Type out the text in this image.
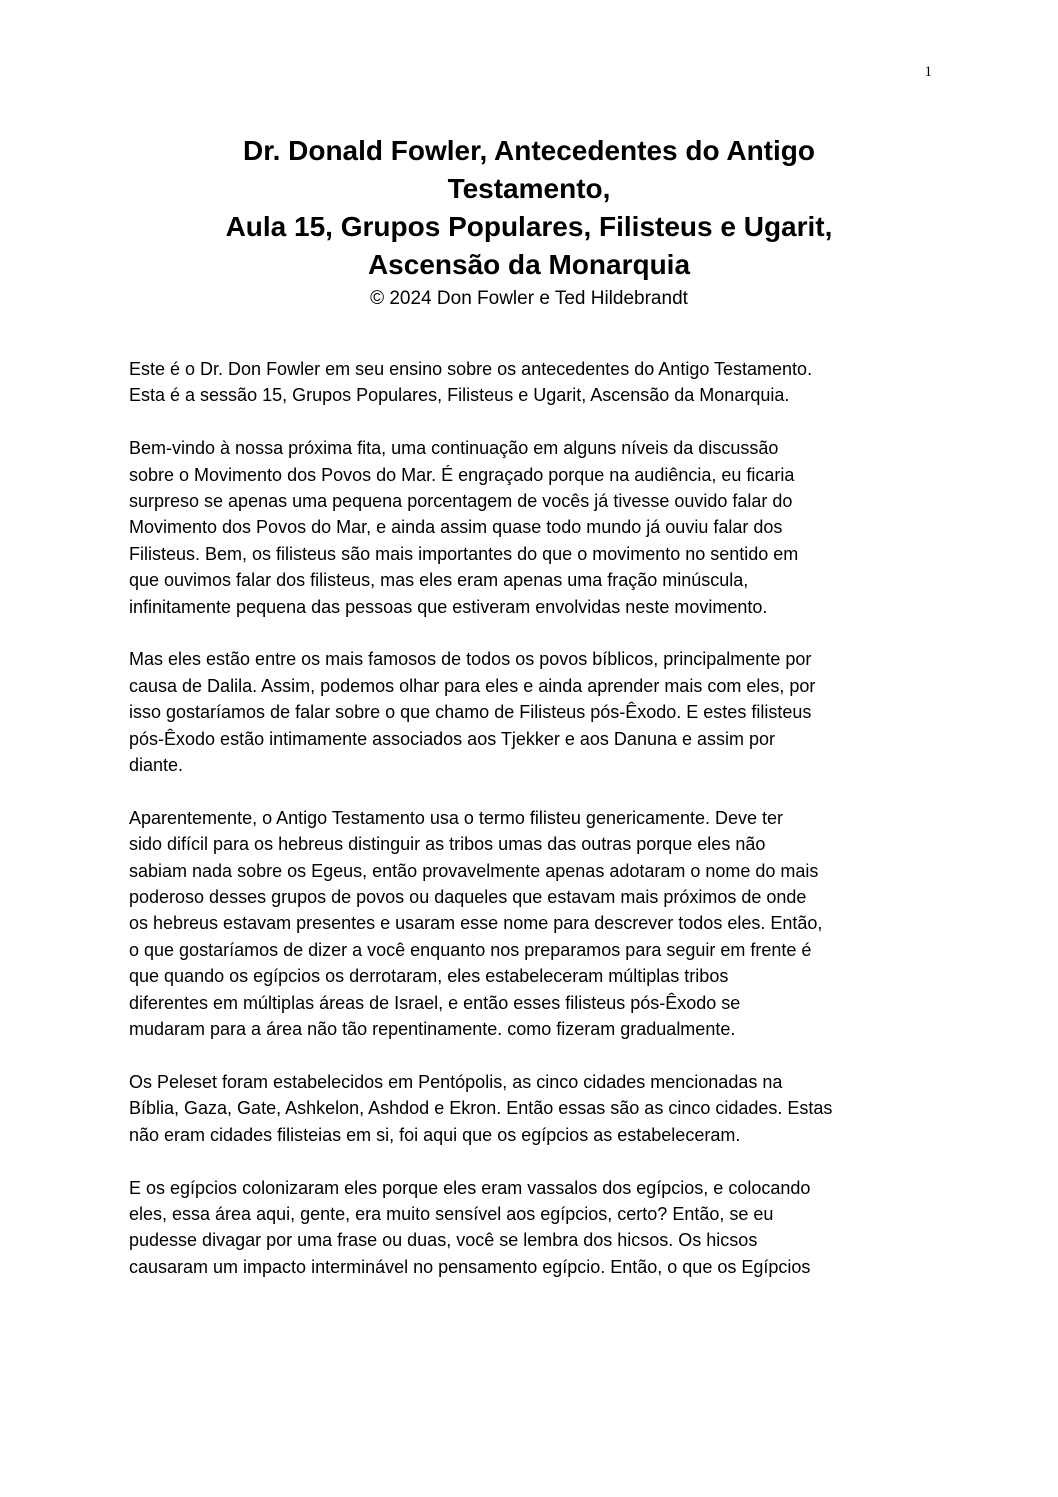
1
Dr. Donald Fowler, Antecedentes do Antigo
Testamento,
Aula 15, Grupos Populares, Filisteus e Ugarit,
Ascensão da Monarquia
© 2024 Don Fowler e Ted Hildebrandt

Este é o Dr. Don Fowler em seu ensino sobre os antecedentes do Antigo Testamento.
Esta é a sessão 15, Grupos Populares, Filisteus e Ugarit, Ascensão da Monarquia.

Bem-vindo à nossa próxima fita, uma continuação em alguns níveis da discussão
sobre o Movimento dos Povos do Mar. É engraçado porque na audiência, eu ficaria
surpreso se apenas uma pequena porcentagem de vocês já tivesse ouvido falar do
Movimento dos Povos do Mar, e ainda assim quase todo mundo já ouviu falar dos
Filisteus. Bem, os filisteus são mais importantes do que o movimento no sentido em
que ouvimos falar dos filisteus, mas eles eram apenas uma fração minúscula,
infinitamente pequena das pessoas que estiveram envolvidas neste movimento.

Mas eles estão entre os mais famosos de todos os povos bíblicos, principalmente por
causa de Dalila. Assim, podemos olhar para eles e ainda aprender mais com eles, por
isso gostaríamos de falar sobre o que chamo de Filisteus pós-Êxodo. E estes filisteus
pós-Êxodo estão intimamente associados aos Tjekker e aos Danuna e assim por
diante.

Aparentemente, o Antigo Testamento usa o termo filisteu genericamente. Deve ter
sido difícil para os hebreus distinguir as tribos umas das outras porque eles não
sabiam nada sobre os Egeus, então provavelmente apenas adotaram o nome do mais
poderoso desses grupos de povos ou daqueles que estavam mais próximos de onde
os hebreus estavam presentes e usaram esse nome para descrever todos eles. Então,
o que gostaríamos de dizer a você enquanto nos preparamos para seguir em frente é
que quando os egípcios os derrotaram, eles estabeleceram múltiplas tribos
diferentes em múltiplas áreas de Israel, e então esses filisteus pós-Êxodo se
mudaram para a área não tão repentinamente. como fizeram gradualmente.

Os Peleset foram estabelecidos em Pentópolis, as cinco cidades mencionadas na
Bíblia, Gaza, Gate, Ashkelon, Ashdod e Ekron. Então essas são as cinco cidades. Estas
não eram cidades filisteias em si, foi aqui que os egípcios as estabeleceram.

E os egípcios colonizaram eles porque eles eram vassalos dos egípcios, e colocando
eles, essa área aqui, gente, era muito sensível aos egípcios, certo? Então, se eu
pudesse divagar por uma frase ou duas, você se lembra dos hicsos. Os hicsos
causaram um impacto interminável no pensamento egípcio. Então, o que os Egípcios
